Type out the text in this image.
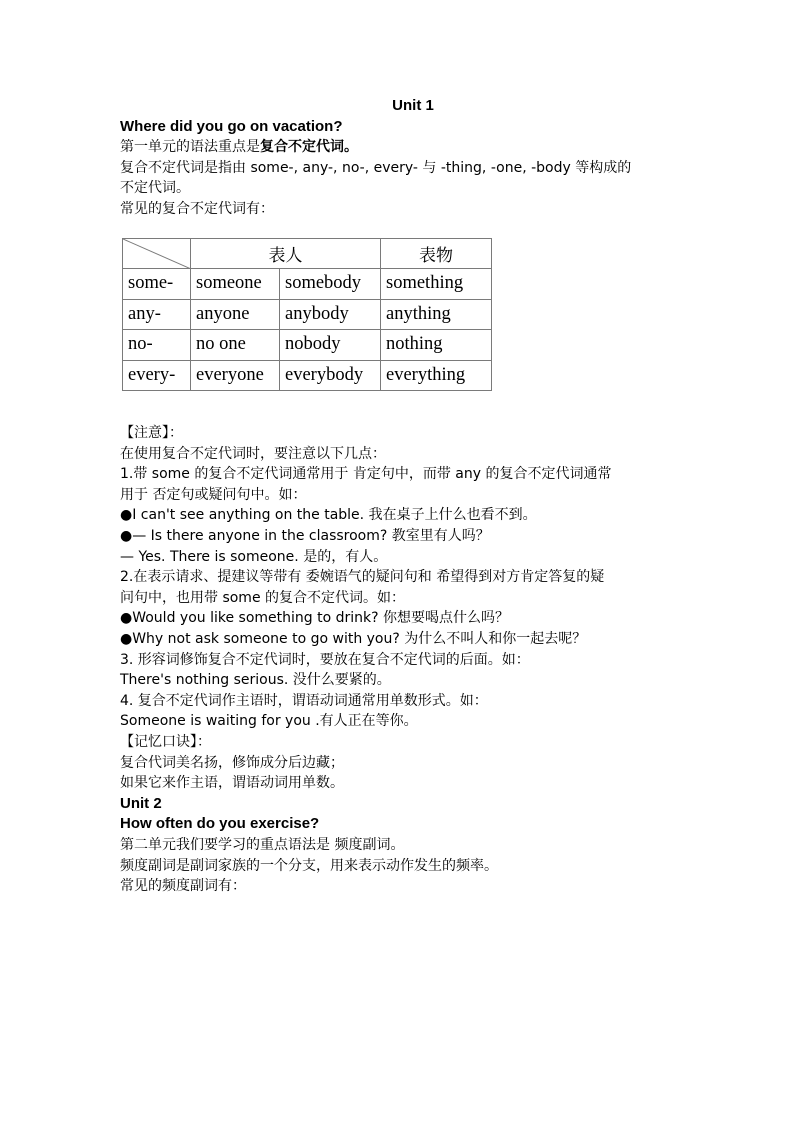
Unit 1
Where did you go on vacation?
第一单元的语法重点是复合不定代词。
复合不定代词是指由 some-, any-, no-, every- 与 -thing, -one, -body 等构成的
不定代词。
常见的复合不定代词有：
	表人		表物
some-	someone	somebody	something
any-	anyone	anybody	anything
no-	no one	nobody	nothing
every-	everyone	everybody	everything
【注意】：
在使用复合不定代词时，要注意以下几点：
1.带 some 的复合不定代词通常用于 肯定句中，而带 any 的复合不定代词通常
用于 否定句或疑问句中。如：
●I can't see anything on the table. 我在桌子上什么也看不到。
●— Is there anyone in the classroom? 教室里有人吗？
— Yes. There is someone. 是的，有人。
2.在表示请求、提建议等带有 委婉语气的疑问句和 希望得到对方肯定答复的疑
问句中，也用带 some 的复合不定代词。如：
●Would you like something to drink? 你想要喝点什么吗？
●Why not ask someone to go with you? 为什么不叫人和你一起去呢？
3. 形容词修饰复合不定代词时，要放在复合不定代词的后面。如：
There's nothing serious. 没什么要紧的。
4. 复合不定代词作主语时，谓语动词通常用单数形式。如：
Someone is waiting for you .有人正在等你。
【记忆口诀】：
复合代词美名扬，修饰成分后边藏；
如果它来作主语，谓语动词用单数。
Unit 2
How often do you exercise?
第二单元我们要学习的重点语法是 频度副词。
频度副词是副词家族的一个分支，用来表示动作发生的频率。
常见的频度副词有：
